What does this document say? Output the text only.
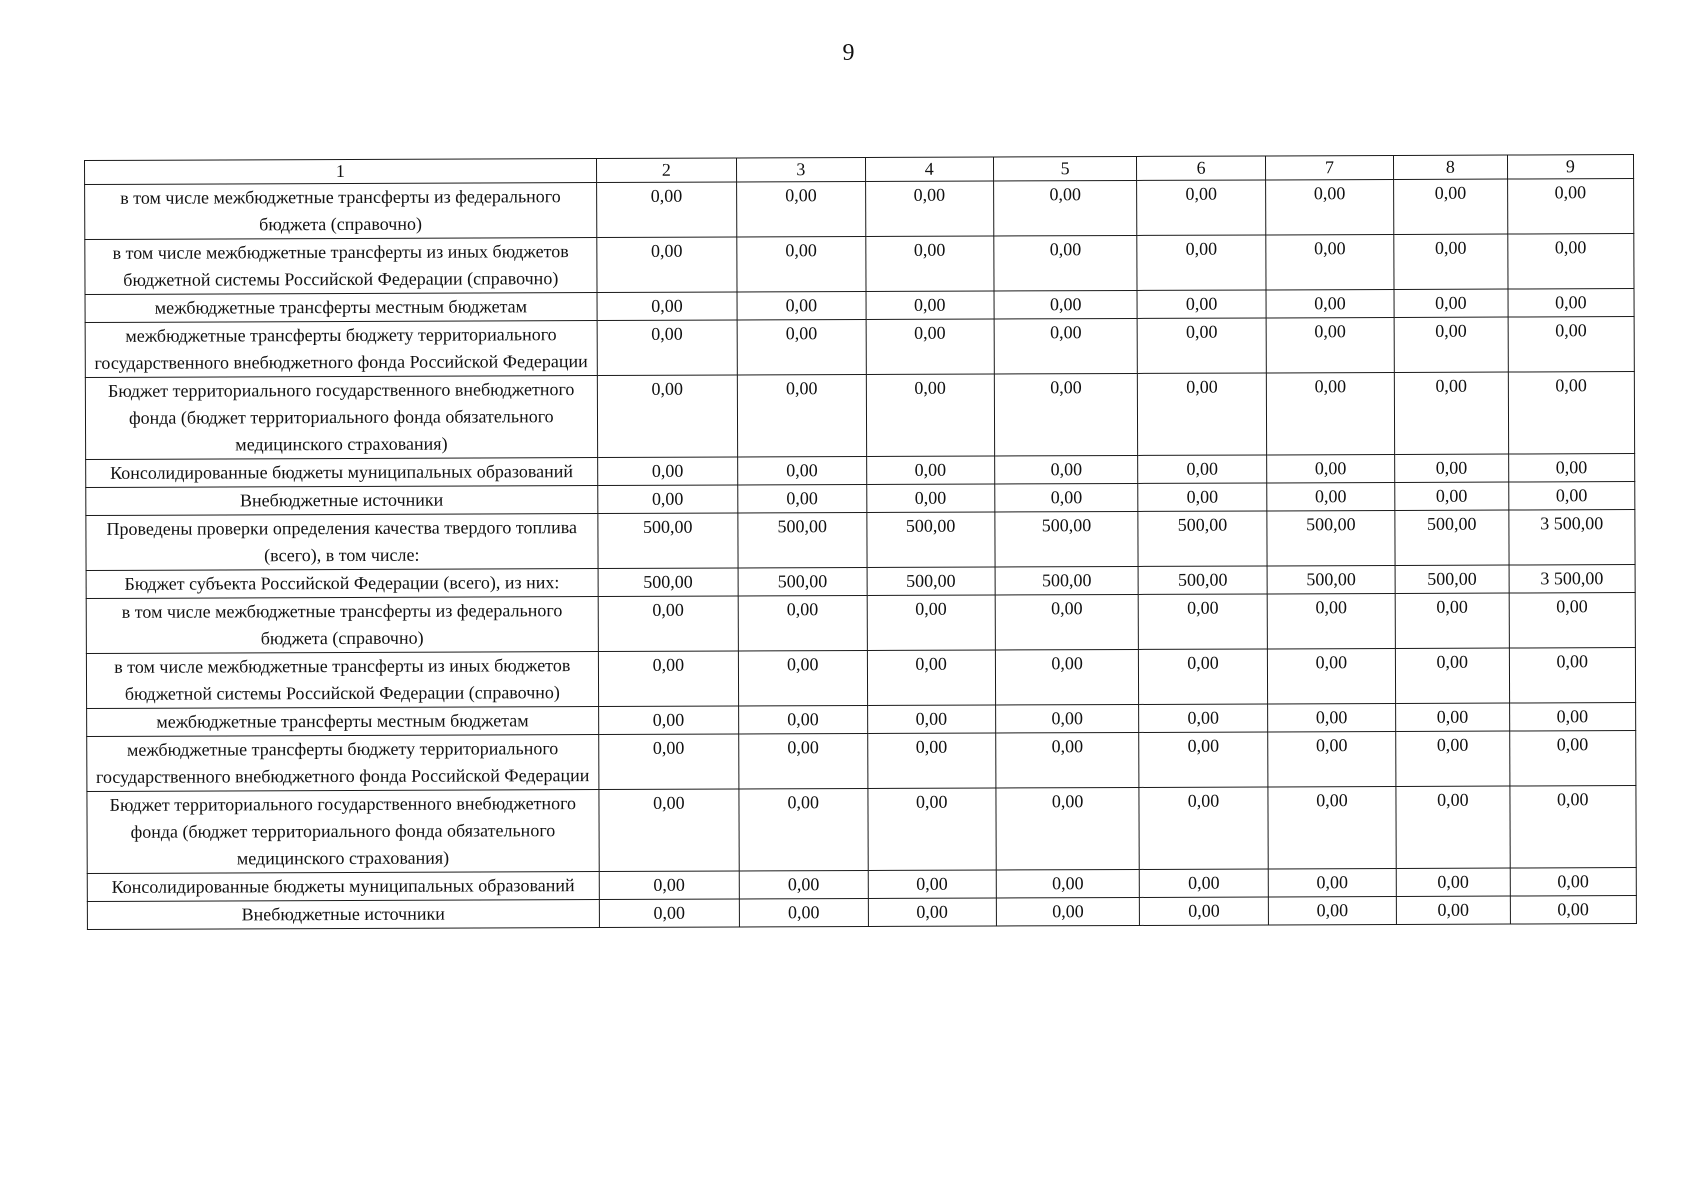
9
1	2	3	4	5	6	7	8	9
в том числе межбюджетные трансферты из федерального бюджета (справочно)	0,00	0,00	0,00	0,00	0,00	0,00	0,00	0,00
в том числе межбюджетные трансферты из иных бюджетов бюджетной системы Российской Федерации (справочно)	0,00	0,00	0,00	0,00	0,00	0,00	0,00	0,00
межбюджетные трансферты местным бюджетам	0,00	0,00	0,00	0,00	0,00	0,00	0,00	0,00
межбюджетные трансферты бюджету территориального государственного внебюджетного фонда Российской Федерации	0,00	0,00	0,00	0,00	0,00	0,00	0,00	0,00
Бюджет территориального государственного внебюджетного фонда (бюджет территориального фонда обязательного медицинского страхования)	0,00	0,00	0,00	0,00	0,00	0,00	0,00	0,00
Консолидированные бюджеты муниципальных образований	0,00	0,00	0,00	0,00	0,00	0,00	0,00	0,00
Внебюджетные источники	0,00	0,00	0,00	0,00	0,00	0,00	0,00	0,00
Проведены проверки определения качества твердого топлива (всего), в том числе:	500,00	500,00	500,00	500,00	500,00	500,00	500,00	3 500,00
Бюджет субъекта Российской Федерации (всего), из них:	500,00	500,00	500,00	500,00	500,00	500,00	500,00	3 500,00
в том числе межбюджетные трансферты из федерального бюджета (справочно)	0,00	0,00	0,00	0,00	0,00	0,00	0,00	0,00
в том числе межбюджетные трансферты из иных бюджетов бюджетной системы Российской Федерации (справочно)	0,00	0,00	0,00	0,00	0,00	0,00	0,00	0,00
межбюджетные трансферты местным бюджетам	0,00	0,00	0,00	0,00	0,00	0,00	0,00	0,00
межбюджетные трансферты бюджету территориального государственного внебюджетного фонда Российской Федерации	0,00	0,00	0,00	0,00	0,00	0,00	0,00	0,00
Бюджет территориального государственного внебюджетного фонда (бюджет территориального фонда обязательного медицинского страхования)	0,00	0,00	0,00	0,00	0,00	0,00	0,00	0,00
Консолидированные бюджеты муниципальных образований	0,00	0,00	0,00	0,00	0,00	0,00	0,00	0,00
Внебюджетные источники	0,00	0,00	0,00	0,00	0,00	0,00	0,00	0,00
